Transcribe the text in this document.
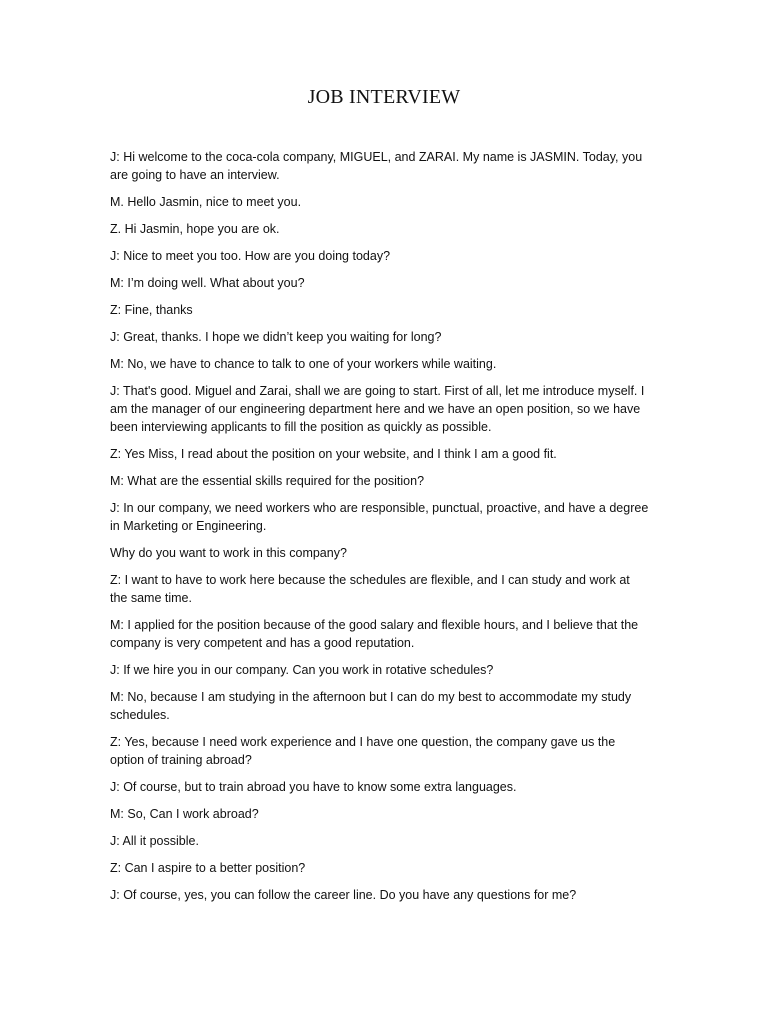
JOB INTERVIEW

J: Hi welcome to the coca-cola company, MIGUEL, and ZARAI. My name is JASMIN. Today, you are going to have an interview.

M. Hello Jasmin, nice to meet you.

Z. Hi Jasmin, hope you are ok.

J: Nice to meet you too. How are you doing today?

M: I’m doing well. What about you?

Z: Fine, thanks

J: Great, thanks. I hope we didn’t keep you waiting for long?

M: No, we have to chance to talk to one of your workers while waiting.

J: That's good. Miguel and Zarai, shall we are going to start. First of all, let me introduce myself. I am the manager of our engineering department here and we have an open position, so we have been interviewing applicants to fill the position as quickly as possible.

Z: Yes Miss, I read about the position on your website, and I think I am a good fit.

M: What are the essential skills required for the position?

J: In our company, we need workers who are responsible, punctual, proactive, and have a degree in Marketing or Engineering.

Why do you want to work in this company?

Z: I want to have to work here because the schedules are flexible, and I can study and work at the same time.

M: I applied for the position because of the good salary and flexible hours, and I believe that the company is very competent and has a good reputation.

J: If we hire you in our company. Can you work in rotative schedules?

M: No, because I am studying in the afternoon but I can do my best to accommodate my study schedules.

Z: Yes, because I need work experience and I have one question, the company gave us the option of training abroad?

J: Of course, but to train abroad you have to know some extra languages.

M: So, Can I work abroad?

J: All it possible.

Z: Can I aspire to a better position?

J: Of course, yes, you can follow the career line. Do you have any questions for me?
